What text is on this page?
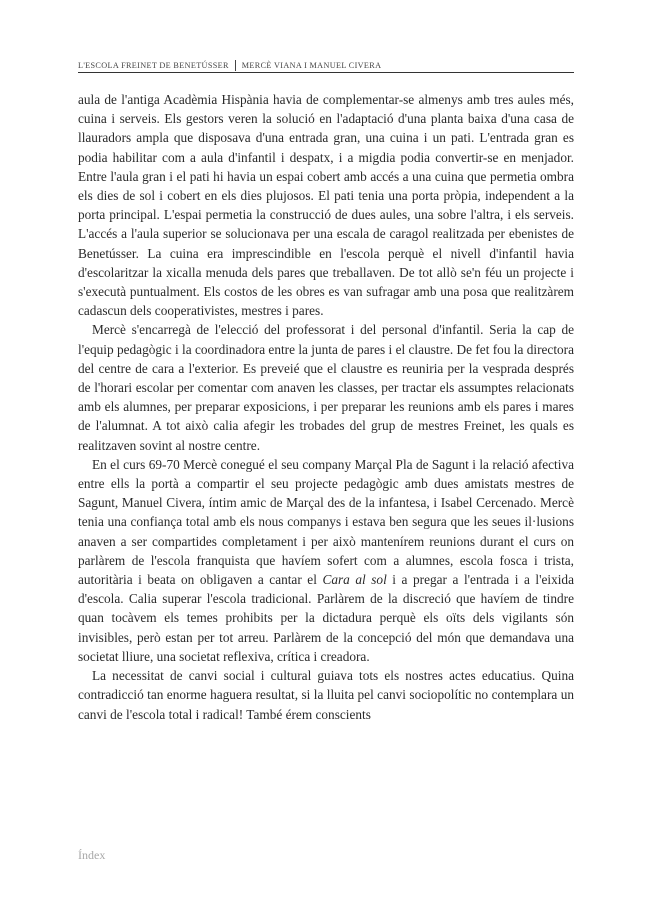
L'ESCOLA FREINET DE BENETÚSSER MERCÈ VIANA I MANUEL CIVERA

aula de l'antiga Acadèmia Hispània havia de complementar-se almenys amb tres aules més, cuina i serveis. Els gestors veren la solució en l'adaptació d'una planta baixa d'una casa de llauradors ampla que disposava d'una entrada gran, una cuina i un pati. L'entrada gran es podia habilitar com a aula d'infantil i despatx, i a migdia podia convertir-se en menjador. Entre l'aula gran i el pati hi havia un espai cobert amb accés a una cuina que permetia ombra els dies de sol i cobert en els dies plujosos. El pati tenia una porta pròpia, independent a la porta principal. L'espai permetia la construcció de dues aules, una sobre l'altra, i els serveis. L'accés a l'aula superior se solucionava per una escala de caragol realitzada per ebenistes de Benetússer. La cuina era imprescindible en l'escola perquè el nivell d'infantil havia d'escolaritzar la xicalla menuda dels pares que treballaven. De tot allò se'n féu un projecte i s'executà puntualment. Els costos de les obres es van sufragar amb una posa que realitzàrem cadascun dels cooperativistes, mestres i pares.

Mercè s'encarregà de l'elecció del professorat i del personal d'infantil. Seria la cap de l'equip pedagògic i la coordinadora entre la junta de pares i el claustre. De fet fou la directora del centre de cara a l'exterior. Es preveié que el claustre es reuniria per la vesprada després de l'horari escolar per comentar com anaven les classes, per tractar els assumptes relacionats amb els alumnes, per preparar exposicions, i per preparar les reunions amb els pares i mares de l'alumnat. A tot això calia afegir les trobades del grup de mestres Freinet, les quals es realitzaven sovint al nostre centre.

En el curs 69-70 Mercè conegué el seu company Marçal Pla de Sagunt i la relació afectiva entre ells la portà a compartir el seu projecte pedagògic amb dues amistats mestres de Sagunt, Manuel Civera, íntim amic de Marçal des de la infantesa, i Isabel Cercenado. Mercè tenia una confiança total amb els nous companys i estava ben segura que les seues il·lusions anaven a ser compartides completament i per això mantenírem reunions durant el curs on parlàrem de l'escola franquista que havíem sofert com a alumnes, escola fosca i trista, autoritària i beata on obligaven a cantar el Cara al sol i a pregar a l'entrada i a l'eixida d'escola. Calia superar l'escola tradicional. Parlàrem de la discreció que havíem de tindre quan tocàvem els temes prohibits per la dictadura perquè els oïts dels vigilants són invisibles, però estan per tot arreu. Parlàrem de la concepció del món que demandava una societat lliure, una societat reflexiva, crítica i creadora.

La necessitat de canvi social i cultural guiava tots els nostres actes educatius. Quina contradicció tan enorme haguera resultat, si la lluita pel canvi sociopolític no contemplara un canvi de l'escola total i radical! També érem conscients

Índex
